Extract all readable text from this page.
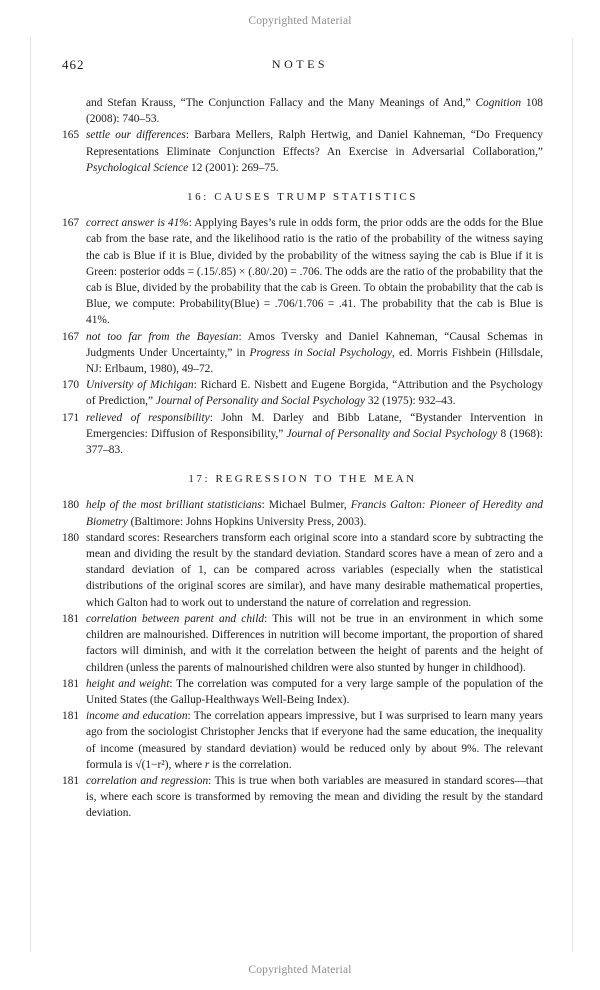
Copyrighted Material
462	NOTES
and Stefan Krauss, “The Conjunction Fallacy and the Many Meanings of And,” Cognition 108 (2008): 740–53.
165 settle our differences: Barbara Mellers, Ralph Hertwig, and Daniel Kahneman, “Do Frequency Representations Eliminate Conjunction Effects? An Exercise in Adversarial Collaboration,” Psychological Science 12 (2001): 269–75.
16: CAUSES TRUMP STATISTICS
167 correct answer is 41%: Applying Bayes’s rule in odds form, the prior odds are the odds for the Blue cab from the base rate, and the likelihood ratio is the ratio of the probability of the witness saying the cab is Blue if it is Blue, divided by the probability of the witness saying the cab is Blue if it is Green: posterior odds = (.15/.85) × (.80/.20) = .706. The odds are the ratio of the probability that the cab is Blue, divided by the probability that the cab is Green. To obtain the probability that the cab is Blue, we compute: Probability(Blue) = .706/1.706 = .41. The probability that the cab is Blue is 41%.
167 not too far from the Bayesian: Amos Tversky and Daniel Kahneman, “Causal Schemas in Judgments Under Uncertainty,” in Progress in Social Psychology, ed. Morris Fishbein (Hillsdale, NJ: Erlbaum, 1980), 49–72.
170 University of Michigan: Richard E. Nisbett and Eugene Borgida, “Attribution and the Psychology of Prediction,” Journal of Personality and Social Psychology 32 (1975): 932–43.
171 relieved of responsibility: John M. Darley and Bibb Latane, “Bystander Intervention in Emergencies: Diffusion of Responsibility,” Journal of Personality and Social Psychology 8 (1968): 377–83.
17: REGRESSION TO THE MEAN
180 help of the most brilliant statisticians: Michael Bulmer, Francis Galton: Pioneer of Heredity and Biometry (Baltimore: Johns Hopkins University Press, 2003).
180 standard scores: Researchers transform each original score into a standard score by subtracting the mean and dividing the result by the standard deviation. Standard scores have a mean of zero and a standard deviation of 1, can be compared across variables (especially when the statistical distributions of the original scores are similar), and have many desirable mathematical properties, which Galton had to work out to understand the nature of correlation and regression.
181 correlation between parent and child: This will not be true in an environment in which some children are malnourished. Differences in nutrition will become important, the proportion of shared factors will diminish, and with it the correlation between the height of parents and the height of children (unless the parents of malnourished children were also stunted by hunger in childhood).
181 height and weight: The correlation was computed for a very large sample of the population of the United States (the Gallup-Healthways Well-Being Index).
181 income and education: The correlation appears impressive, but I was surprised to learn many years ago from the sociologist Christopher Jencks that if everyone had the same education, the inequality of income (measured by standard deviation) would be reduced only by about 9%. The relevant formula is √(1−r²), where r is the correlation.
181 correlation and regression: This is true when both variables are measured in standard scores—that is, where each score is transformed by removing the mean and dividing the result by the standard deviation.
Copyrighted Material
